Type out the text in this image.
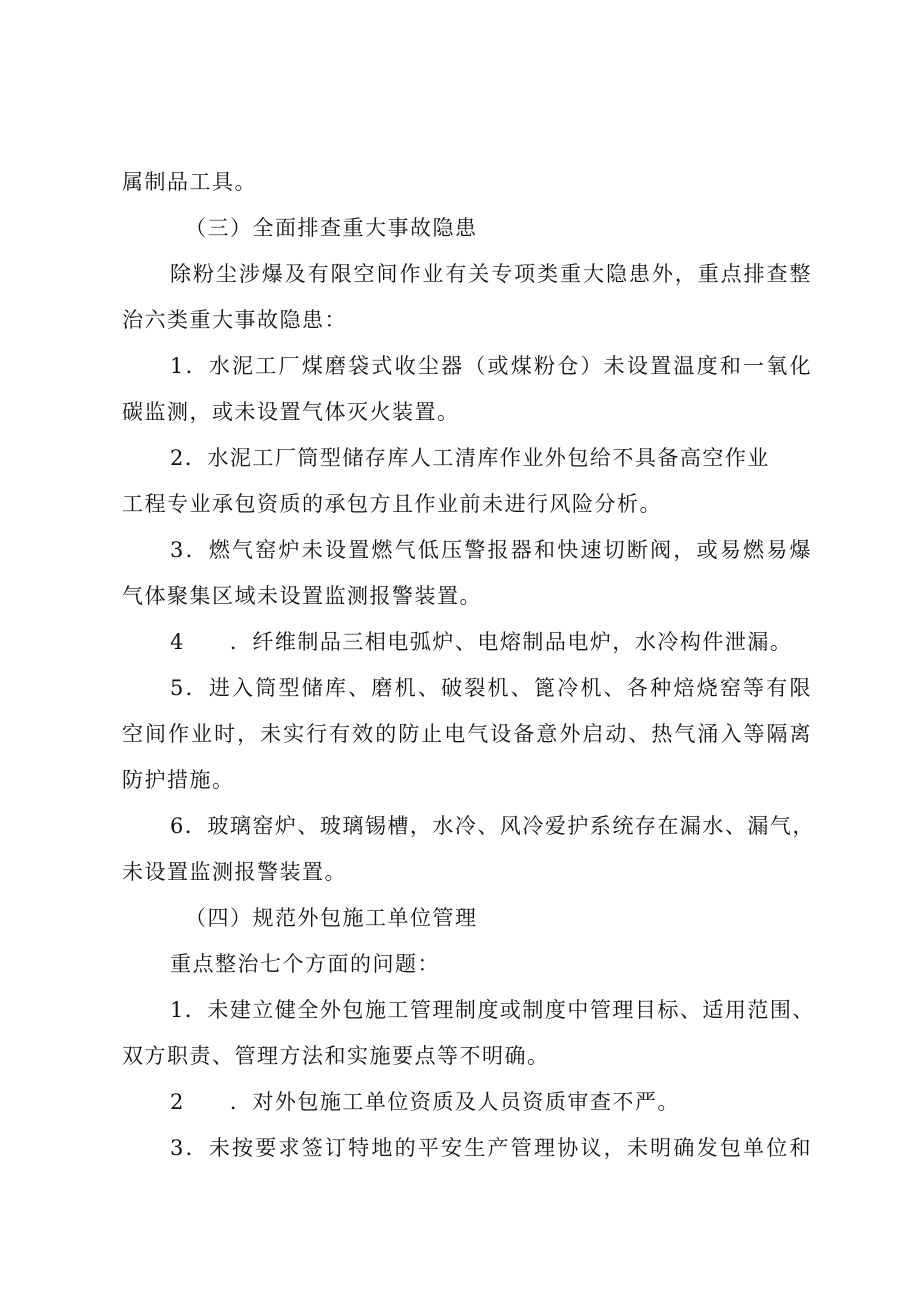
属制品工具。
（三）全面排查重大事故隐患
除粉尘涉爆及有限空间作业有关专项类重大隐患外，重点排查整
治六类重大事故隐患：
1．水泥工厂煤磨袋式收尘器（或煤粉仓）未设置温度和一氧化
碳监测，或未设置气体灭火装置。
2．水泥工厂筒型储存库人工清库作业外包给不具备高空作业
工程专业承包资质的承包方且作业前未进行风险分析。
3．燃气窑炉未设置燃气低压警报器和快速切断阀，或易燃易爆
气体聚集区域未设置监测报警装置。
4　　．纤维制品三相电弧炉、电熔制品电炉，水冷构件泄漏。
5．进入筒型储库、磨机、破裂机、篦冷机、各种焙烧窑等有限
空间作业时，未实行有效的防止电气设备意外启动、热气涌入等隔离
防护措施。
6．玻璃窑炉、玻璃锡槽，水冷、风冷爱护系统存在漏水、漏气，
未设置监测报警装置。
（四）规范外包施工单位管理
重点整治七个方面的问题：
1．未建立健全外包施工管理制度或制度中管理目标、适用范围、
双方职责、管理方法和实施要点等不明确。
2　　．对外包施工单位资质及人员资质审查不严。
3．未按要求签订特地的平安生产管理协议，未明确发包单位和
